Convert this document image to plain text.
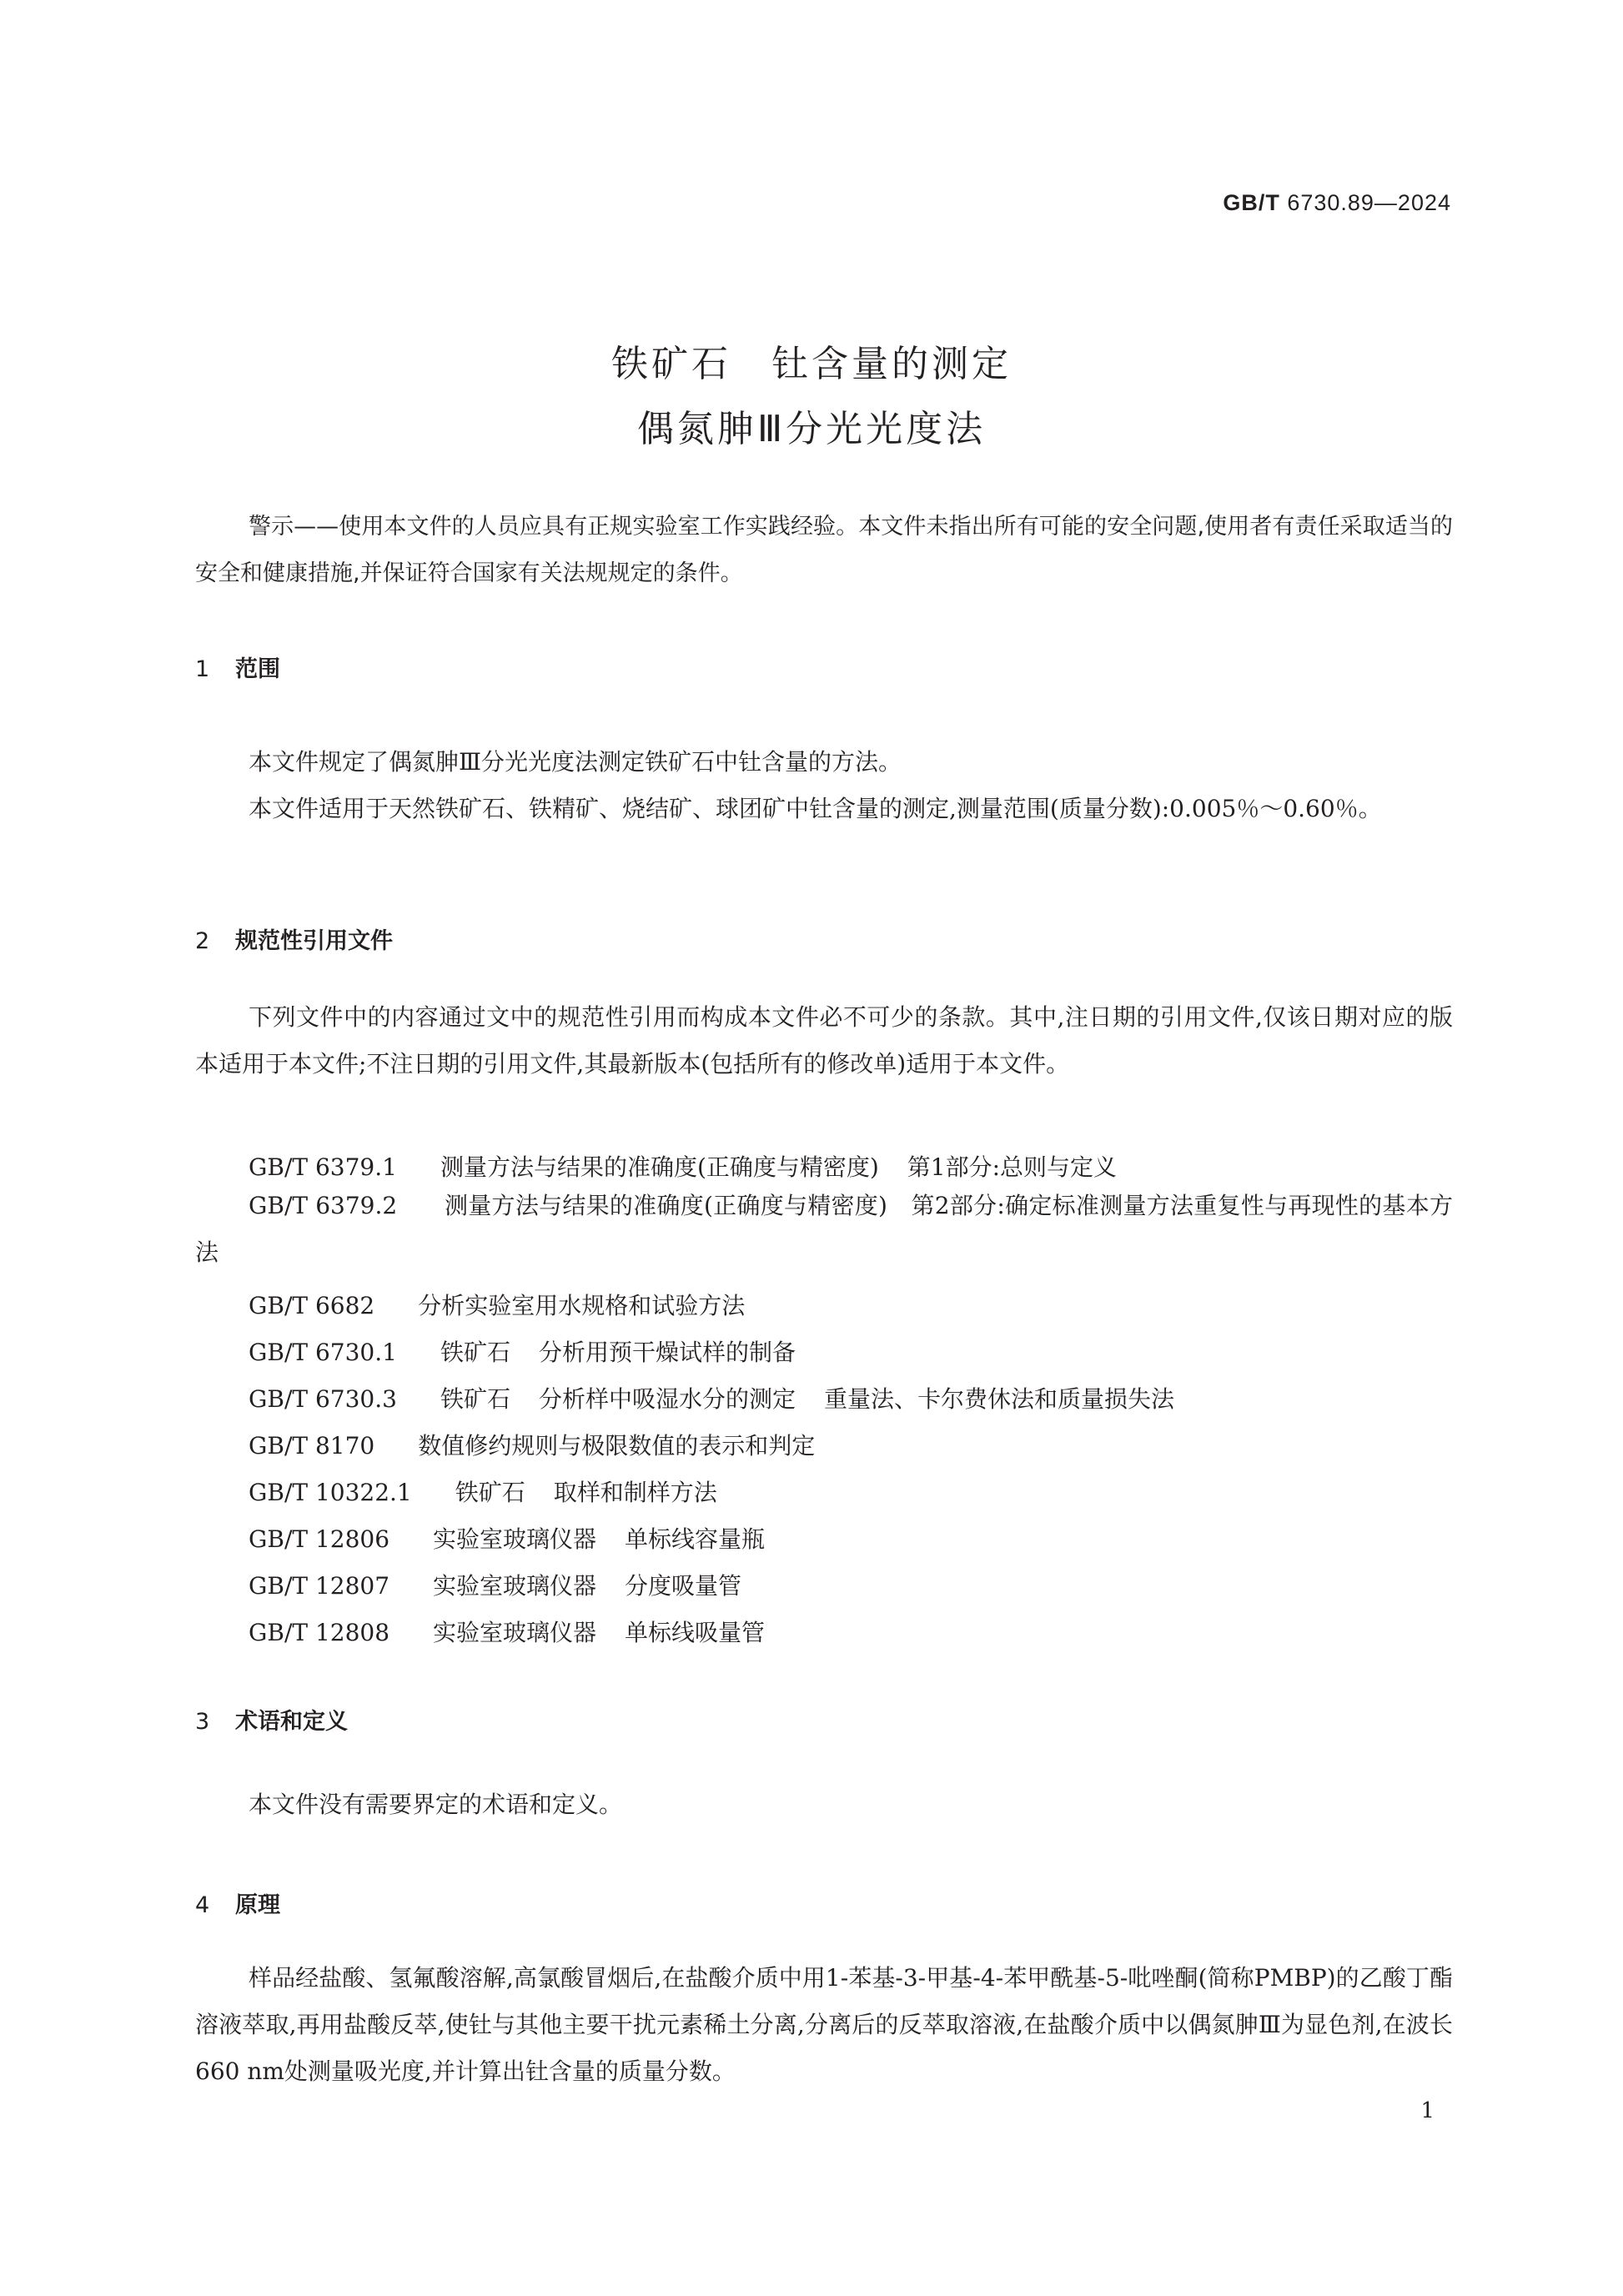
GB/T 6730.89—2024
铁矿石　钍含量的测定
偶氮胂Ⅲ分光光度法

警示——使用本文件的人员应具有正规实验室工作实践经验。本文件未指出所有可能的安全问题,使用者有责任采取适当的安全和健康措施,并保证符合国家有关法规规定的条件。

1 范围

本文件规定了偶氮胂Ⅲ分光光度法测定铁矿石中钍含量的方法。

本文件适用于天然铁矿石、铁精矿、烧结矿、球团矿中钍含量的测定,测量范围(质量分数):0.005％～0.60％。

2 规范性引用文件

下列文件中的内容通过文中的规范性引用而构成本文件必不可少的条款。其中,注日期的引用文件,仅该日期对应的版本适用于本文件;不注日期的引用文件,其最新版本(包括所有的修改单)适用于本文件。

GB/T 6379.1 测量方法与结果的准确度(正确度与精密度) 第1部分:总则与定义
GB/T 6379.2　　 测量方法与结果的准确度(正确度与精密度)　 第2部分:确定标准测量方法重复性与再现性的基本方法
GB/T 6682 分析实验室用水规格和试验方法
GB/T 6730.1 铁矿石 分析用预干燥试样的制备
GB/T 6730.3 铁矿石 分析样中吸湿水分的测定 重量法、卡尔费休法和质量损失法
GB/T 8170 数值修约规则与极限数值的表示和判定
GB/T 10322.1 铁矿石 取样和制样方法
GB/T 12806 实验室玻璃仪器 单标线容量瓶
GB/T 12807 实验室玻璃仪器 分度吸量管
GB/T 12808 实验室玻璃仪器 单标线吸量管
3 术语和定义

本文件没有需要界定的术语和定义。

4 原理

样品经盐酸、氢氟酸溶解,高氯酸冒烟后,在盐酸介质中用1-苯基-3-甲基-4-苯甲酰基-5-吡唑酮(简称PMBP)的乙酸丁酯溶液萃取,再用盐酸反萃,使钍与其他主要干扰元素稀土分离,分离后的反萃取溶液,在盐酸介质中以偶氮胂Ⅲ为显色剂,在波长660 nm处测量吸光度,并计算出钍含量的质量分数。

1
